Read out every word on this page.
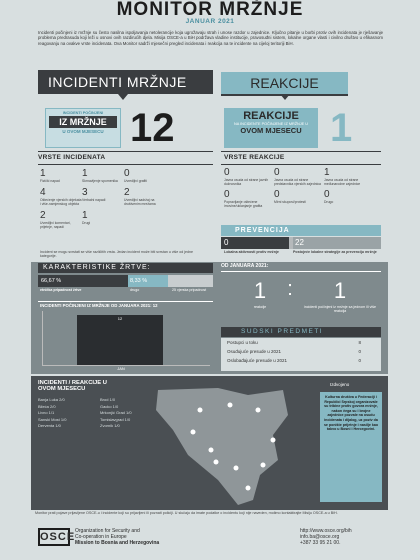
MONITOR MRŽNJE
JANUAR 2021
Incidenti počinjeni iz mržnje su često nasilna ispoljavanja netolerancije koja ugrožavaju strah i unose razdor u zajednice. Ključno pitanje u borbi protiv ovih incidenata je rješavanje problema predrasuda koji leži u osnovi ovih razdirućih djela. Misija OSCE-a u BiH podržava vladine institucije, pravosuđni sistem, lokalne organe vlasti i civilno društvo u efikasnom reagovanju na ovakve vrste incidenata. Ova Monitor sadrži mjesečni pregled incidenata i reakcija na te incidente na cijeloj teritoriji BiH.
INCIDENTI MRŽNJE
INCIDENTI POČINJENI
IZ MRŽNJE
U OVOM MJESECU 12
REAKCIJE
REAKCIJE
NA INCIDENTE POČINJENE IZ MRŽNJE U
OVOM MJESECU 1
VRSTE INCIDENATA
1
Fizički napad
1
Skrnavljenje spomenika
0
Uvredljivi grafiti
4
Oštećenje vjerskih objekata i više-namjenskog objekta
3
Verbalni napadi
2
Uvredljivi sadržaj na društvenim mrežama
2
Uvredljivi komentari, prijetnje, napadi
1
Drugi
Incident se mogu svrstati se više različitih vrsta. Jedan incident može biti svrstan u više od jedne kategorije.
VRSTE REAKCIJE
0
Javna osuda od strane javnih dužnosnika
0
Javna osuda od strane predstavnika vjerskih zajednica
1
Javna osuda od strane međunarodne zajednice
0
Popravljanje oštećene imovine/uklanjanje grafita
0
Mirni skupovi/protesti
0
Drugo
PREVENCIJA
0	22
Lokalna aktivnosti protiv mržnje	Postojeće lokalne strategije za prevenciju mržnje
KARAKTERISTIKE ŽRTVE:
66,67 %	8,33 %
etnička pripadnost žrtve	drugo	25 vjerska pripadnost
INCIDENTI POČINJENI IZ MRŽNJE OD JANUARA 2021: 12
12
JAN
OD JANUARA 2021:
1	:	1
reakcije	incidenti počinjeni iz mržnje sa jednom ili više reakcija
SUDSKI PREDMETI
Postupci u toku	8
Osuđujuće presude u 2021	0
Oslobađajuće presude u 2021	0
INCIDENTI / REAKCIJE U OVOM MJESECU
Banja Luka 2/0
Bileća 2/0
Livno 1/1
Sanski Most 1/0
Derventa 1/0
Brod 1/0
Gacko 1/0
Mrkonjić Grad 1/0
Tomislavgrad 1/0
Zvornik 1/0
Izdvojeno
Kulturna društva u Federaciji i Republici Srpskoj organizovale su tribine protiv govora mržnje, nakon čega su i brojne zajednice pozvale na osudu incidenata i dijalog, uz poziv da se ponište prijetnje i nasilje kao takvo u Bosni i Hercegovini.
Monitor prati pojave prijavljene OSCE-u i incidente koji su prijavljeni ili poznati policiji. U slučaju da imate podatke o incidentu koji nije naveden, molimo kontaktirajte Misiju OSCE-a u BiH.
OSCE Organization for Security and
Co-operation in Europe
Mission to Bosnia and Herzegovina
http://www.osce.org/bih
info.ba@osce.org
+387 33 95 21 00.
